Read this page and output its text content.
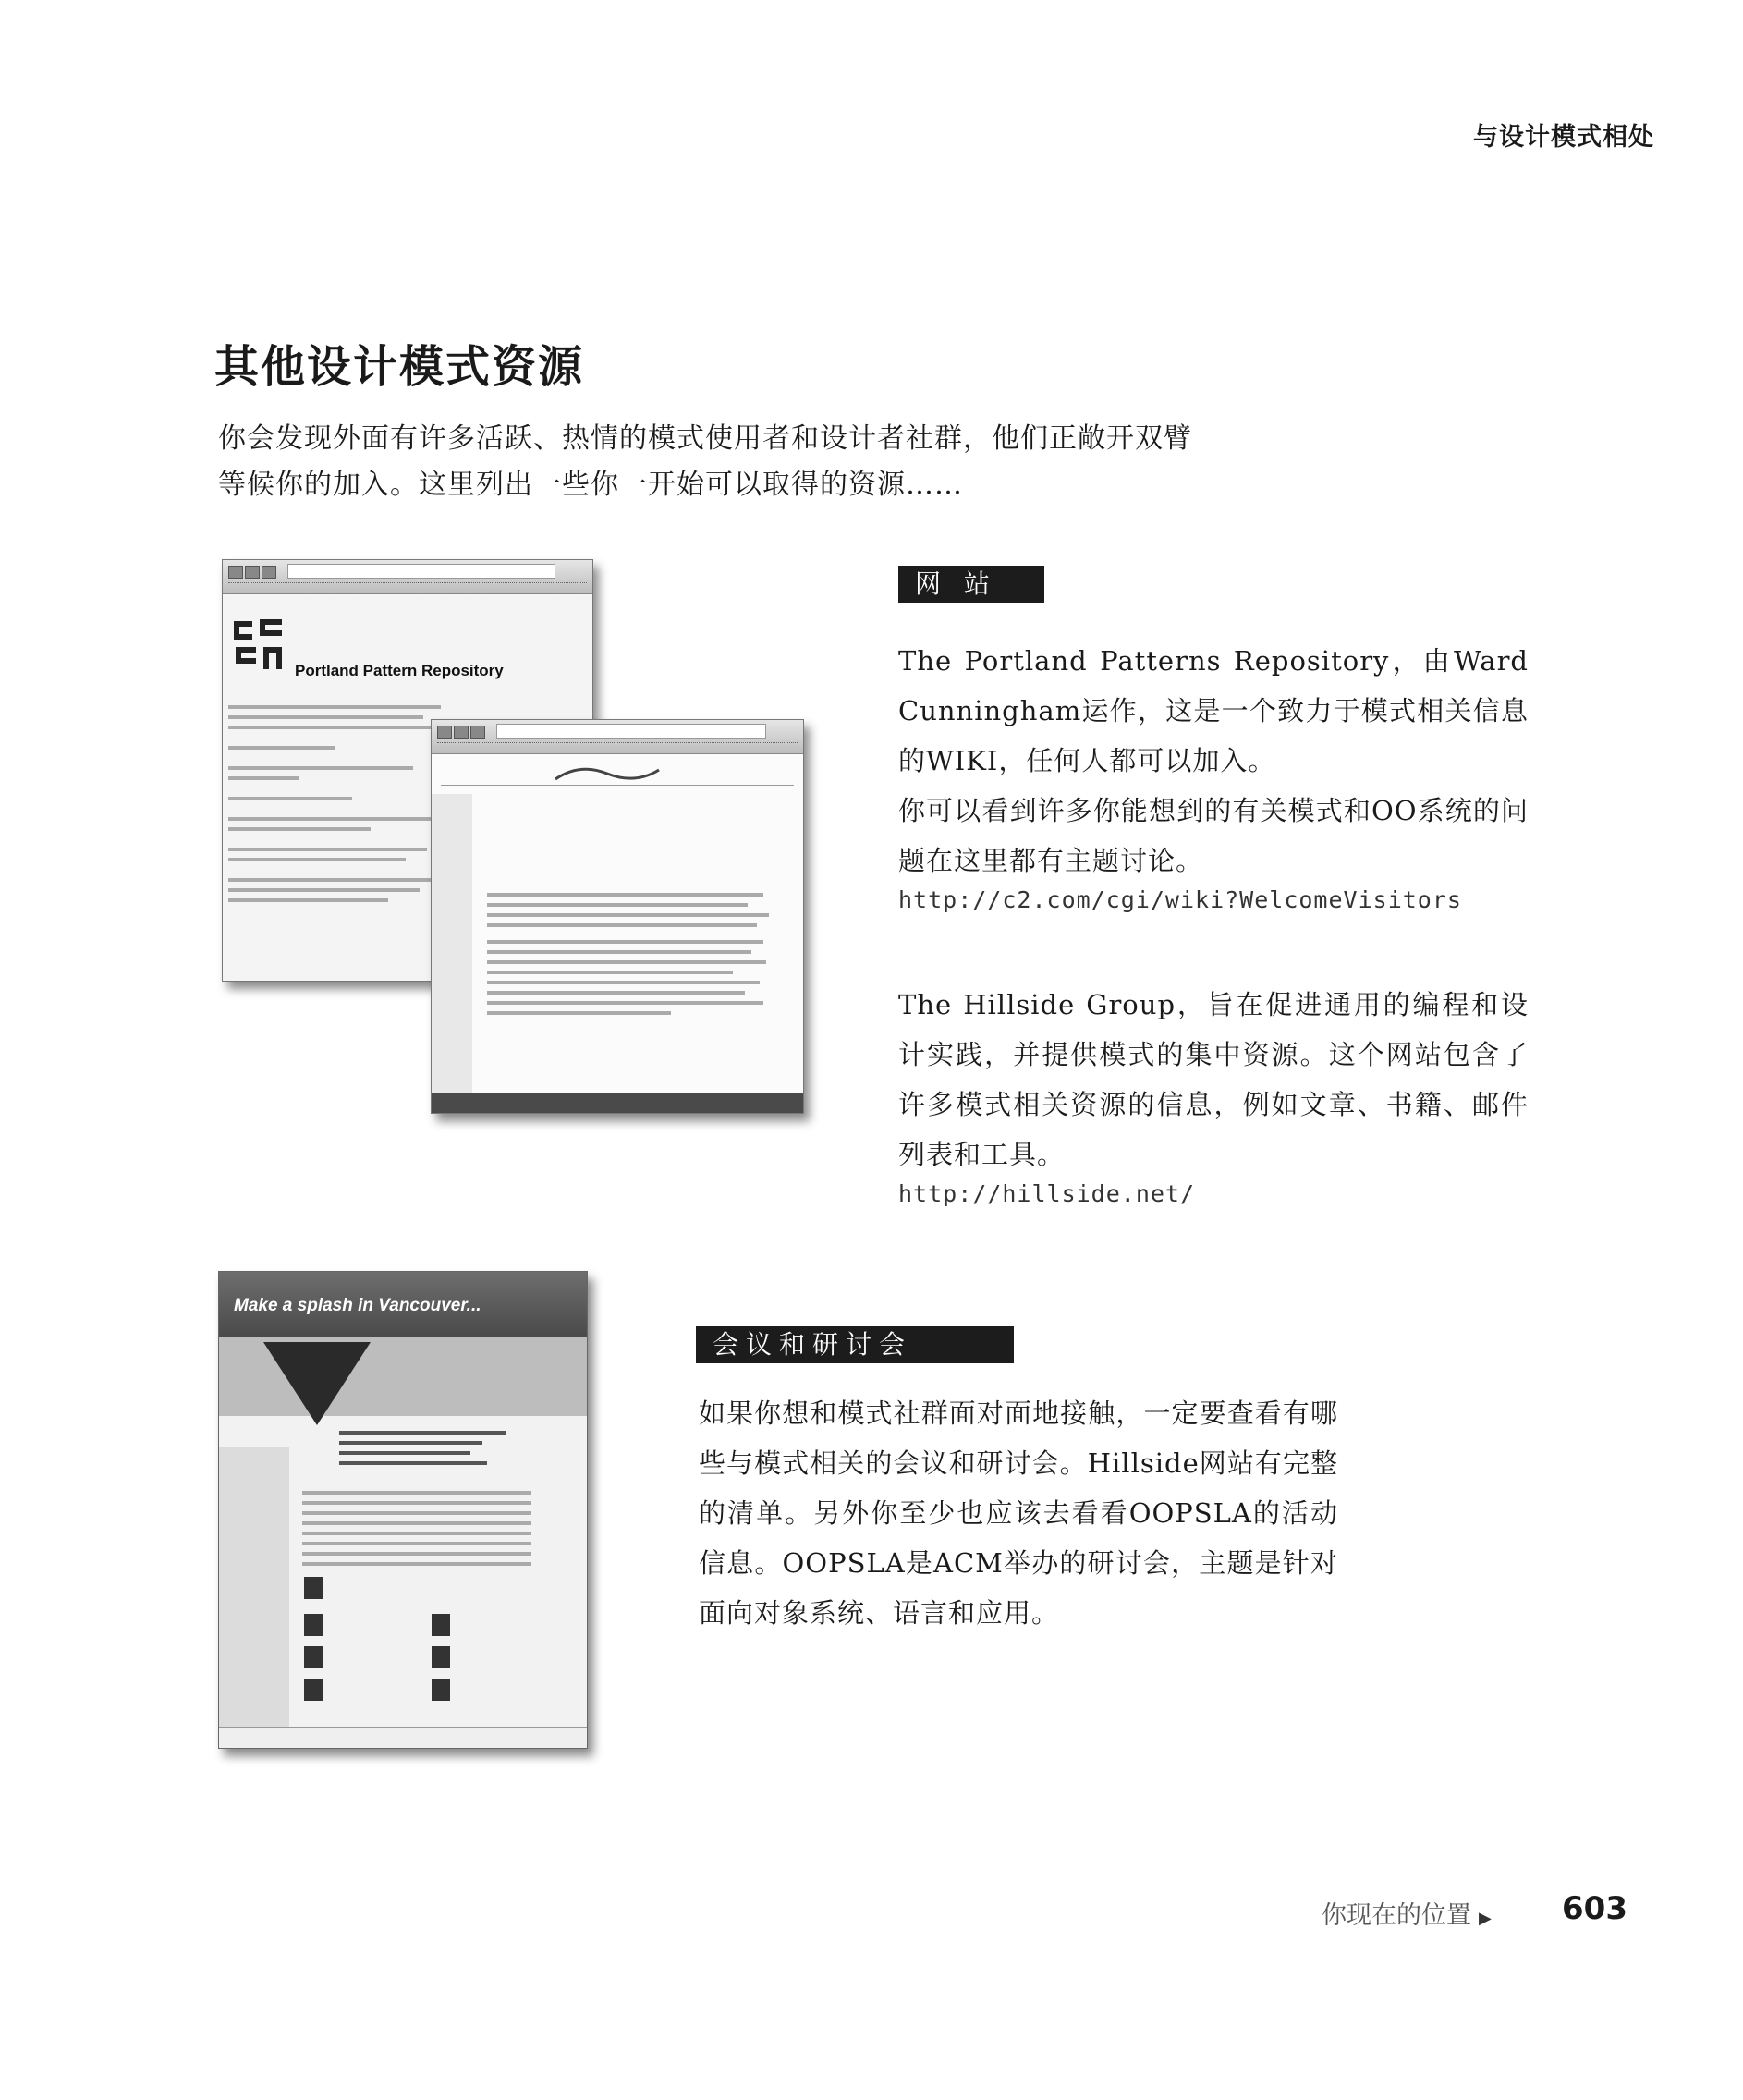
与设计模式相处
其他设计模式资源
你会发现外面有许多活跃、热情的模式使用者和设计者社群，他们正敞开双臂等候你的加入。这里列出一些你一开始可以取得的资源……
Portland Pattern Repository
网 站
The Portland Patterns Repository，由Ward Cunningham运作，这是一个致力于模式相关信息的WIKI，任何人都可以加入。
你可以看到许多你能想到的有关模式和OO系统的问题在这里都有主题讨论。
http://c2.com/cgi/wiki?WelcomeVisitors
The Hillside Group，旨在促进通用的编程和设计实践，并提供模式的集中资源。这个网站包含了许多模式相关资源的信息，例如文章、书籍、邮件列表和工具。
http://hillside.net/
Make a splash in Vancouver...
会议和研讨会
如果你想和模式社群面对面地接触，一定要查看有哪些与模式相关的会议和研讨会。Hillside网站有完整的清单。另外你至少也应该去看看OOPSLA的活动信息。OOPSLA是ACM举办的研讨会，主题是针对面向对象系统、语言和应用。
你现在的位置 ▶ 603
